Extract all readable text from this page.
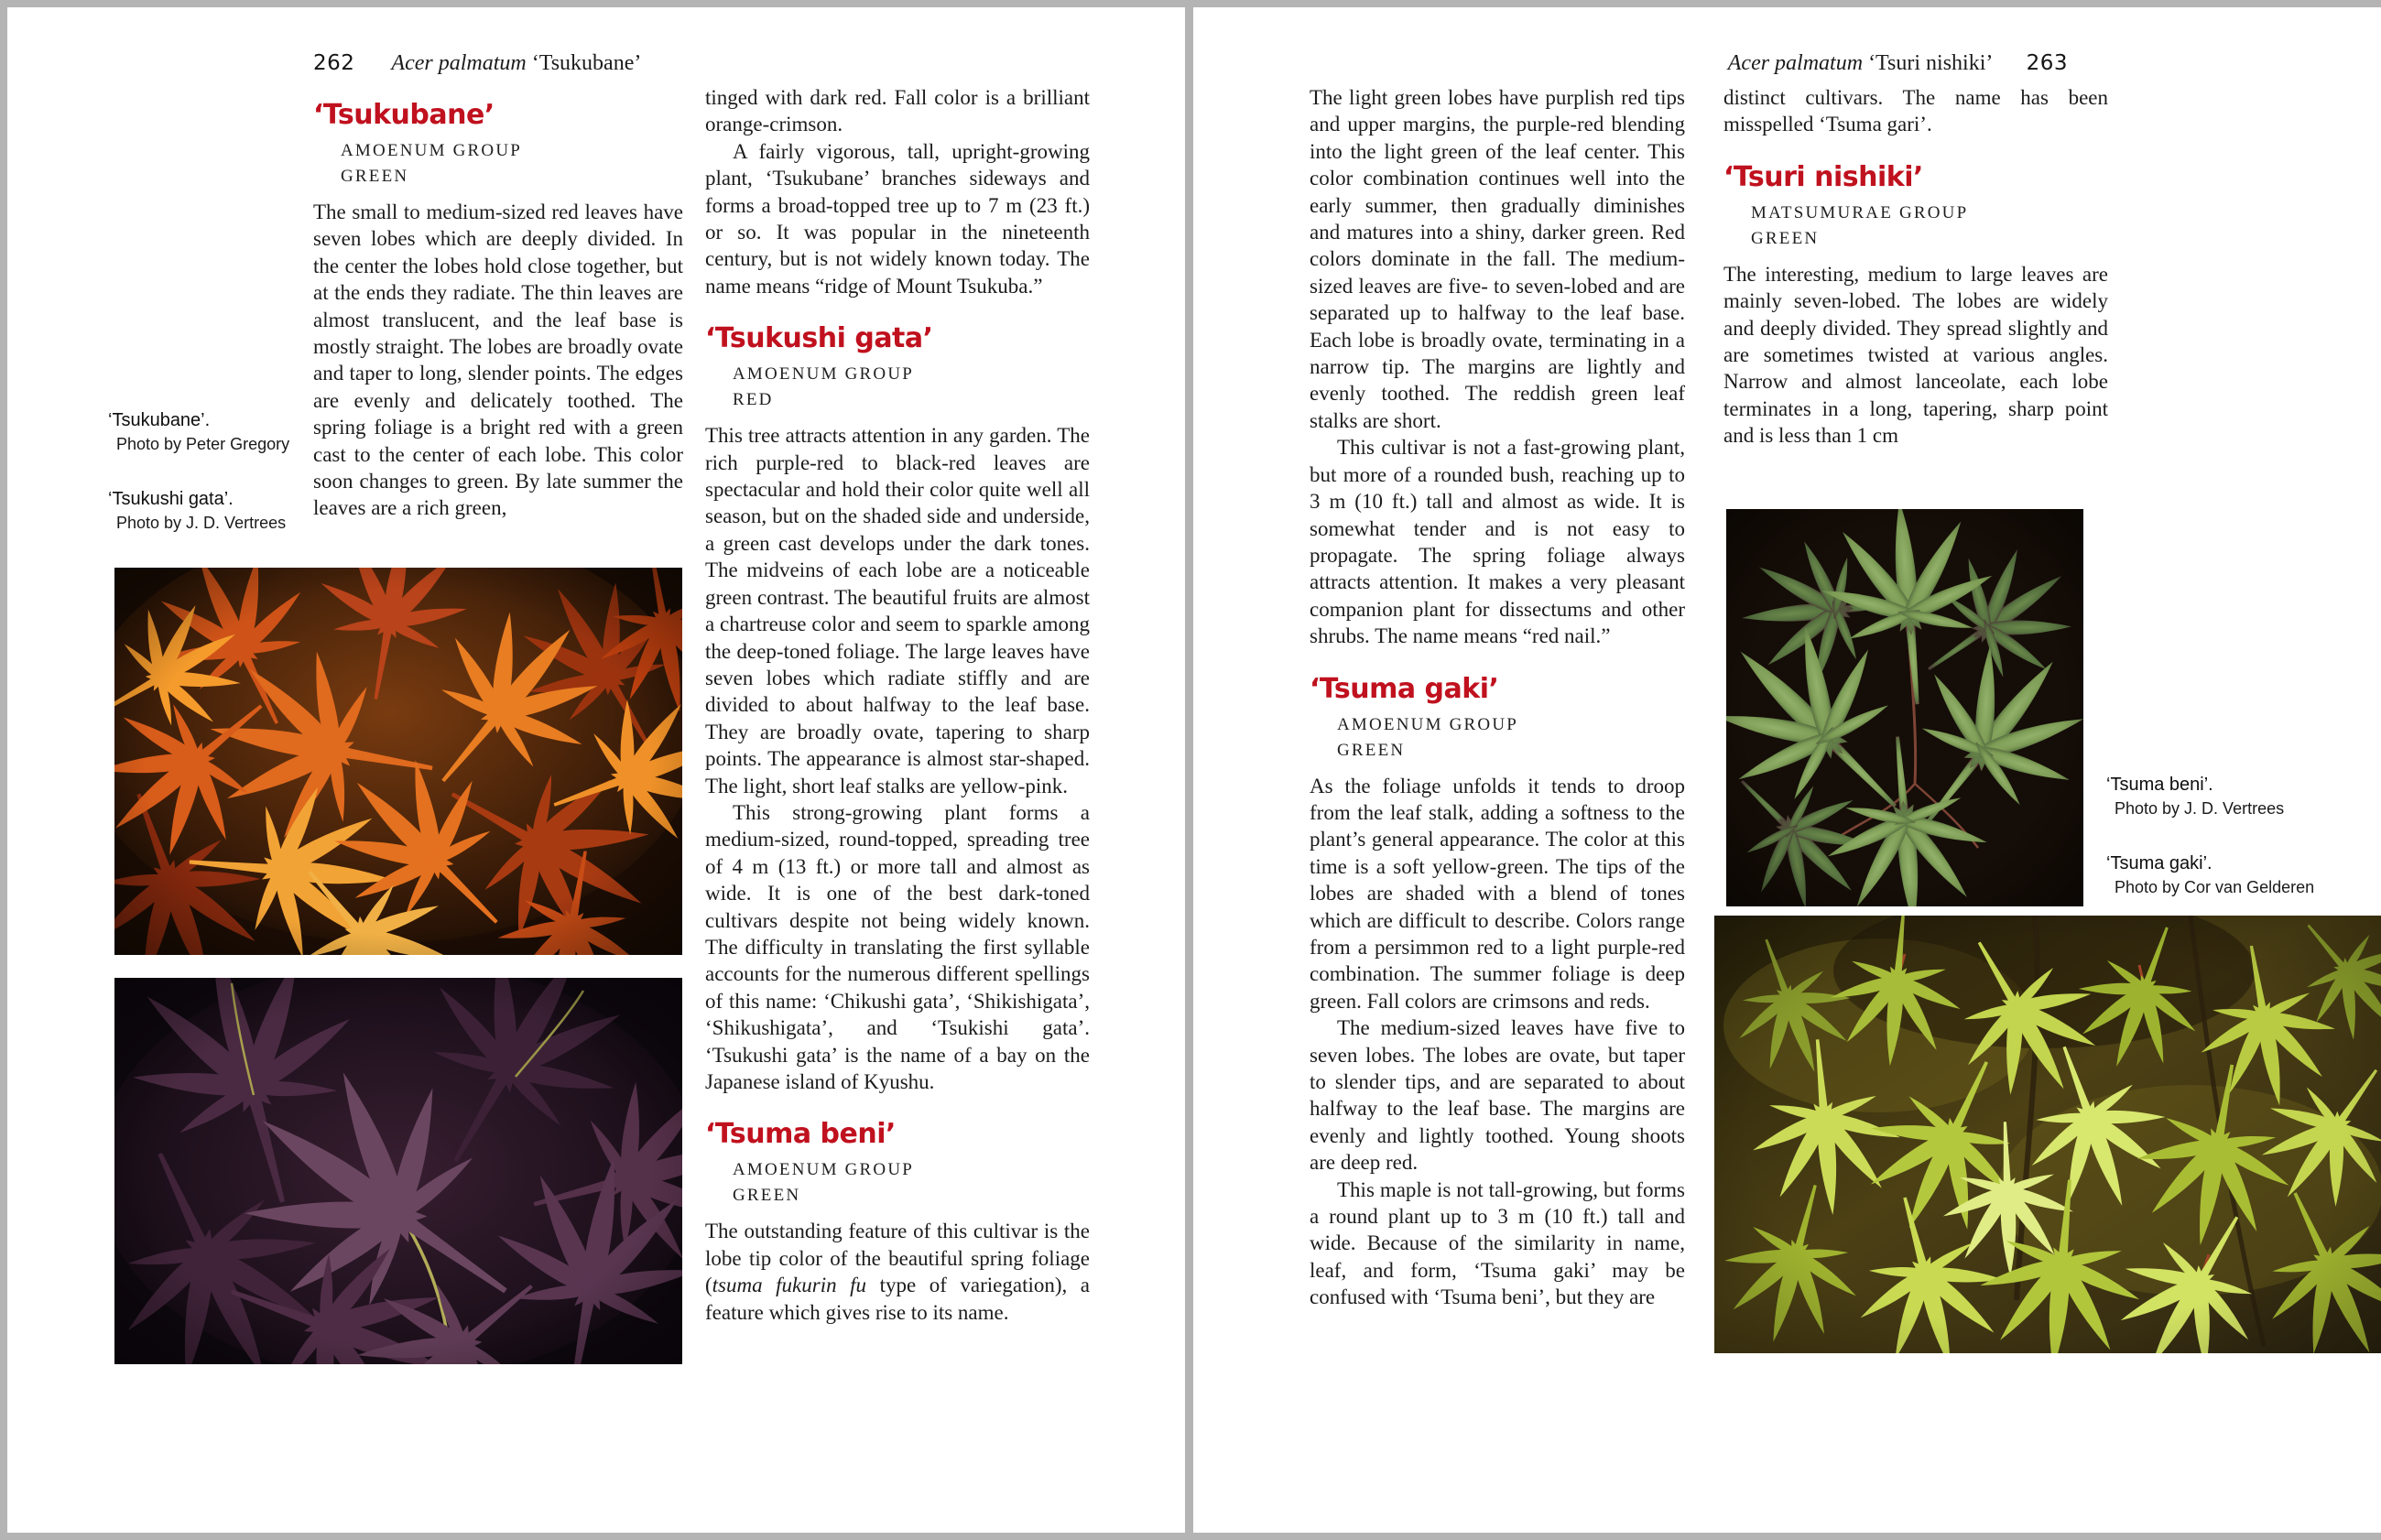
262 Acer palmatum ‘Tsukubane’
‘Tsukubane’
AMOENUM GROUP
GREEN

The small to medium-sized red leaves have seven lobes which are deeply divided. In the center the lobes hold close together, but at the ends they radiate. The thin leaves are almost translucent, and the leaf base is mostly straight. The lobes are broadly ovate and taper to long, slender points. The edges are evenly and delicately toothed. The spring foliage is a bright red with a green cast to the center of each lobe. This color soon changes to green. By late summer the leaves are a rich green,

‘Tsukubane’.
Photo by Peter Gregory
‘Tsukushi gata’.
Photo by J. D. Vertrees

tinged with dark red. Fall color is a brilliant orange-crimson.

A fairly vigorous, tall, upright-growing plant, ‘Tsukubane’ branches sideways and forms a broad-topped tree up to 7 m (23 ft.) or so. It was popular in the nineteenth century, but is not widely known today. The name means “ridge of Mount Tsukuba.”

‘Tsukushi gata’
AMOENUM GROUP
RED

This tree attracts attention in any garden. The rich purple-red to black-red leaves are spectacular and hold their color quite well all season, but on the shaded side and underside, a green cast develops under the dark tones. The midveins of each lobe are a noticeable green contrast. The beautiful fruits are almost a chartreuse color and seem to sparkle among the deep-toned foliage. The large leaves have seven lobes which radiate stiffly and are divided to about halfway to the leaf base. They are broadly ovate, tapering to sharp points. The appearance is almost star-shaped. The light, short leaf stalks are yellow-pink.

This strong-growing plant forms a medium-sized, round-topped, spreading tree of 4 m (13 ft.) or more tall and almost as wide. It is one of the best dark-toned cultivars despite not being widely known. The difficulty in translating the first syllable accounts for the numerous different spellings of this name: ‘Chikushi gata’, ‘Shikishigata’, ‘Shikushigata’, and ‘Tsukishi gata’. ‘Tsukushi gata’ is the name of a bay on the Japanese island of Kyushu.

‘Tsuma beni’
AMOENUM GROUP
GREEN

The outstanding feature of this cultivar is the lobe tip color of the beautiful spring foliage (tsuma fukurin fu type of variegation), a feature which gives rise to its name.

Acer palmatum ‘Tsuri nishiki’ 263

The light green lobes have purplish red tips and upper margins, the purple-red blending into the light green of the leaf center. This color combination continues well into the early summer, then gradually diminishes and matures into a shiny, darker green. Red colors dominate in the fall. The medium-sized leaves are five- to seven-lobed and are separated up to halfway to the leaf base. Each lobe is broadly ovate, terminating in a narrow tip. The margins are lightly and evenly toothed. The reddish green leaf stalks are short.

This cultivar is not a fast-growing plant, but more of a rounded bush, reaching up to 3 m (10 ft.) tall and almost as wide. It is somewhat tender and is not easy to propagate. The spring foliage always attracts attention. It makes a very pleasant companion plant for dissectums and other shrubs. The name means “red nail.”

‘Tsuma gaki’
AMOENUM GROUP
GREEN

As the foliage unfolds it tends to droop from the leaf stalk, adding a softness to the plant’s general appearance. The color at this time is a soft yellow-green. The tips of the lobes are shaded with a blend of tones which are difficult to describe. Colors range from a persimmon red to a light purple-red combination. The summer foliage is deep green. Fall colors are crimsons and reds.

The medium-sized leaves have five to seven lobes. The lobes are ovate, but taper to slender tips, and are separated to about halfway to the leaf base. The margins are evenly and lightly toothed. Young shoots are deep red.

This maple is not tall-growing, but forms a round plant up to 3 m (10 ft.) tall and wide. Because of the similarity in name, leaf, and form, ‘Tsuma gaki’ may be confused with ‘Tsuma beni’, but they are

distinct cultivars. The name has been misspelled ‘Tsuma gari’.

‘Tsuri nishiki’
MATSUMURAE GROUP
GREEN

The interesting, medium to large leaves are mainly seven-lobed. The lobes are widely and deeply divided. They spread slightly and are sometimes twisted at various angles. Narrow and almost lanceolate, each lobe terminates in a long, tapering, sharp point and is less than 1 cm

‘Tsuma beni’.
Photo by J. D. Vertrees
‘Tsuma gaki’.
Photo by Cor van Gelderen
